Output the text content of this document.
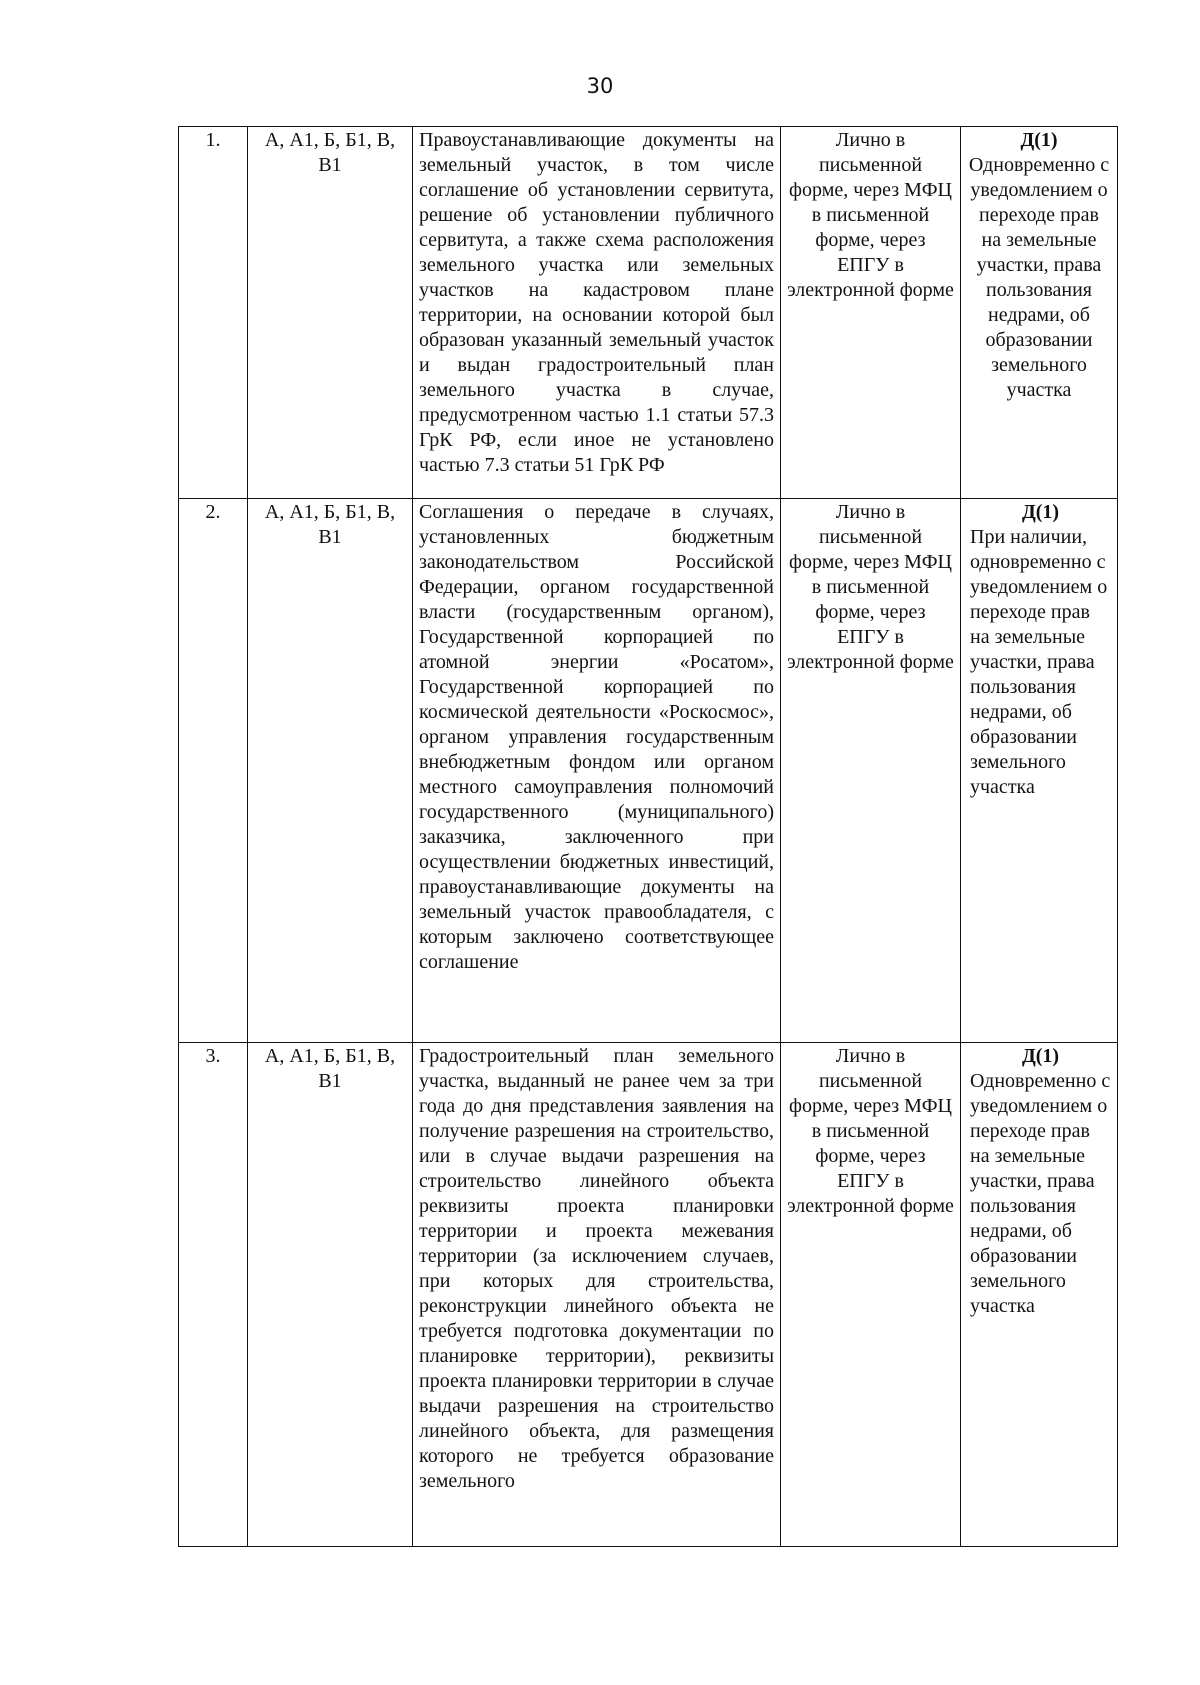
30
1.	А, А1, Б, Б1, В, В1	Правоустанавливающие документы на земельный участок, в том числе соглашение об установлении сервитута, решение об установлении публичного сервитута, а также схема расположения земельного участка или земельных участков на кадастровом плане территории, на основании которой был образован указанный земельный участок и выдан градостроительный план земельного участка в случае, предусмотренном частью 1.1 статьи 57.3 ГрК РФ, если иное не установлено частью 7.3 статьи 51 ГрК РФ	Лично в письменной форме, через МФЦ в письменной форме, через ЕПГУ в электронной форме	Д(1)
Одновременно с уведомлением о переходе прав на земельные участки, права пользования недрами, об образовании земельного участка

2.	А, А1, Б, Б1, В, В1	Соглашения о передаче в случаях, установленных бюджетным законодательством Российской Федерации, органом государственной власти (государственным органом), Государственной корпорацией по атомной энергии «Росатом», Государственной корпорацией по космической деятельности «Роскосмос», органом управления государственным внебюджетным фондом или органом местного самоуправления полномочий государственного (муниципального) заказчика, заключенного при осуществлении бюджетных инвестиций, правоустанавливающие документы на земельный участок правообладателя, с которым заключено соответствующее соглашение	Лично в письменной форме, через МФЦ в письменной форме, через ЕПГУ в электронной форме	Д(1)
При наличии, одновременно с уведомлением о переходе прав на земельные участки, права пользования недрами, об образовании земельного участка

3.	А, А1, Б, Б1, В, В1	Градостроительный план земельного участка, выданный не ранее чем за три года до дня представления заявления на получение разрешения на строительство, или в случае выдачи разрешения на строительство линейного объекта реквизиты проекта планировки территории и проекта межевания территории (за исключением случаев, при которых для строительства, реконструкции линейного объекта не требуется подготовка документации по планировке территории), реквизиты проекта планировки территории в случае выдачи разрешения на строительство линейного объекта, для размещения которого не требуется образование земельного	Лично в письменной форме, через МФЦ в письменной форме, через ЕПГУ в электронной форме	Д(1)
Одновременно с уведомлением о переходе прав на земельные участки, права пользования недрами, об образовании земельного участка
